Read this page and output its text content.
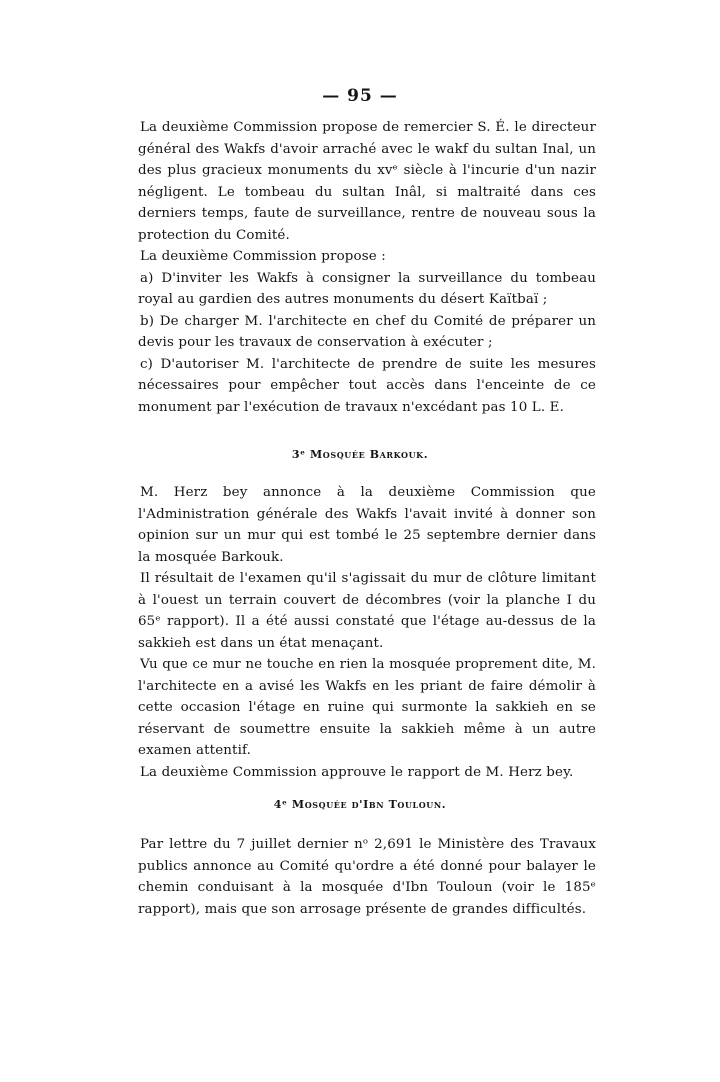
— 95 —

La deuxième Commission propose de remercier S. É. le directeur général des Wakfs d'avoir arraché avec le wakf du sultan Inal, un des plus gracieux monuments du xvᵉ siècle à l'incurie d'un nazir négligent. Le tombeau du sultan Inâl, si maltraité dans ces derniers temps, faute de surveillance, rentre de nouveau sous la protection du Comité.

La deuxième Commission propose :

a) D'inviter les Wakfs à consigner la surveillance du tombeau royal au gardien des autres monuments du désert Kaïtbaï ;

b) De charger M. l'architecte en chef du Comité de préparer un devis pour les travaux de conservation à exécuter ;

c) D'autoriser M. l'architecte de prendre de suite les mesures nécessaires pour empêcher tout accès dans l'enceinte de ce monument par l'exécution de travaux n'excédant pas 10 L. E.

3ᵉ Mosquée Barkouk.

M. Herz bey annonce à la deuxième Commission que l'Administration générale des Wakfs l'avait invité à donner son opinion sur un mur qui est tombé le 25 septembre dernier dans la mosquée Barkouk.

Il résultait de l'examen qu'il s'agissait du mur de clôture limitant à l'ouest un terrain couvert de décombres (voir la planche I du 65ᵉ rapport). Il a été aussi constaté que l'étage au-dessus de la sakkieh est dans un état menaçant.

Vu que ce mur ne touche en rien la mosquée proprement dite, M. l'architecte en a avisé les Wakfs en les priant de faire démolir à cette occasion l'étage en ruine qui surmonte la sakkieh en se réservant de soumettre ensuite la sakkieh même à un autre examen attentif.

La deuxième Commission approuve le rapport de M. Herz bey.

4ᵉ Mosquée d'Ibn Touloun.

Par lettre du 7 juillet dernier nᵒ 2,691 le Ministère des Travaux publics annonce au Comité qu'ordre a été donné pour balayer le chemin conduisant à la mosquée d'Ibn Touloun (voir le 185ᵉ rapport), mais que son arrosage présente de grandes difficultés.
